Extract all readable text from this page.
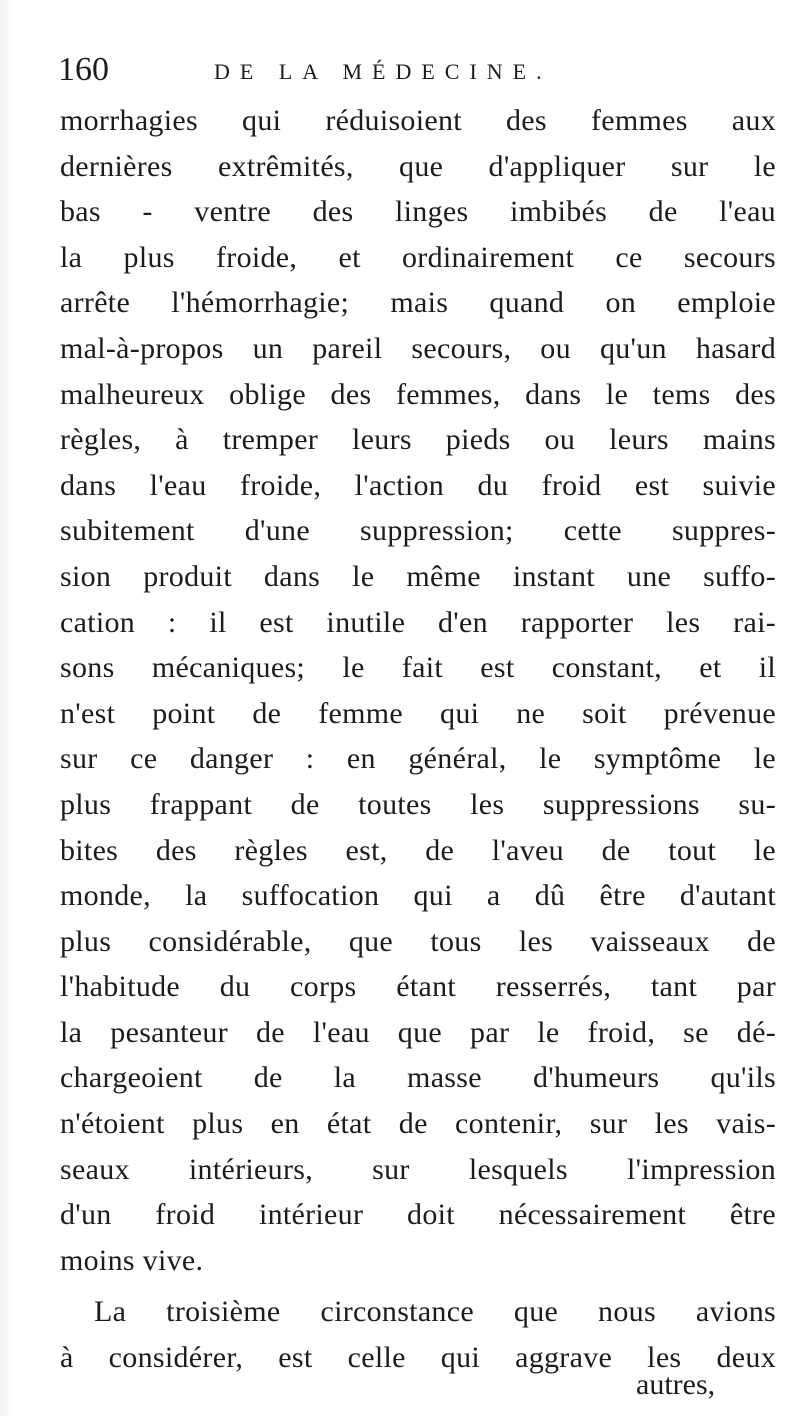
160	DE LA MÉDECINE.
morrhagies qui réduisoient des femmes aux
dernières extrêmités, que d'appliquer sur le
bas - ventre des linges imbibés de l'eau
la plus froide, et ordinairement ce secours
arrête l'hémorrhagie; mais quand on emploie
mal-à-propos un pareil secours, ou qu'un hasard
malheureux oblige des femmes, dans le tems des
règles, à tremper leurs pieds ou leurs mains
dans l'eau froide, l'action du froid est suivie
subitement d'une suppression; cette suppres-
sion produit dans le même instant une suffo-
cation : il est inutile d'en rapporter les rai-
sons mécaniques; le fait est constant, et il
n'est point de femme qui ne soit prévenue
sur ce danger : en général, le symptôme le
plus frappant de toutes les suppressions su-
bites des règles est, de l'aveu de tout le
monde, la suffocation qui a dû être d'autant
plus considérable, que tous les vaisseaux de
l'habitude du corps étant resserrés, tant par
la pesanteur de l'eau que par le froid, se dé-
chargeoient de la masse d'humeurs qu'ils
n'étoient plus en état de contenir, sur les vais-
seaux intérieurs, sur lesquels l'impression
d'un froid intérieur doit nécessairement être
moins vive.
La troisième circonstance que nous avions
à considérer, est celle qui aggrave les deux
autres,
